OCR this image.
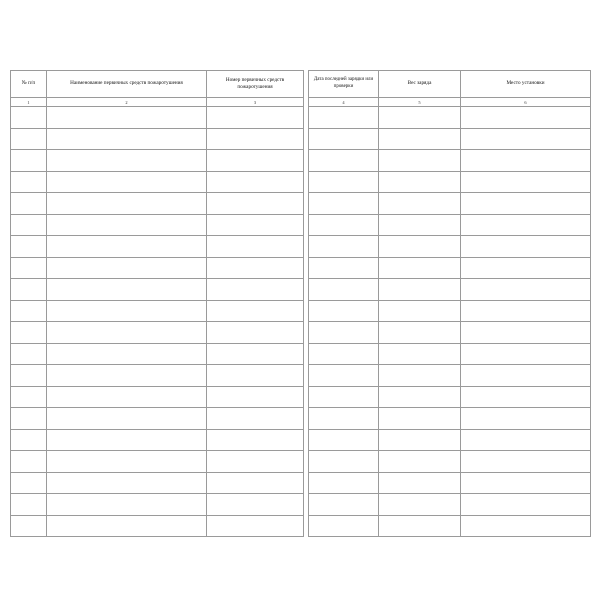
№ п/п	Наименование первичных средств пожаротушения	Номер первичных средств пожаротушения

1	2	3

Дата последней зарядки или проверки	Вес заряда	Место установки

4	5	6
